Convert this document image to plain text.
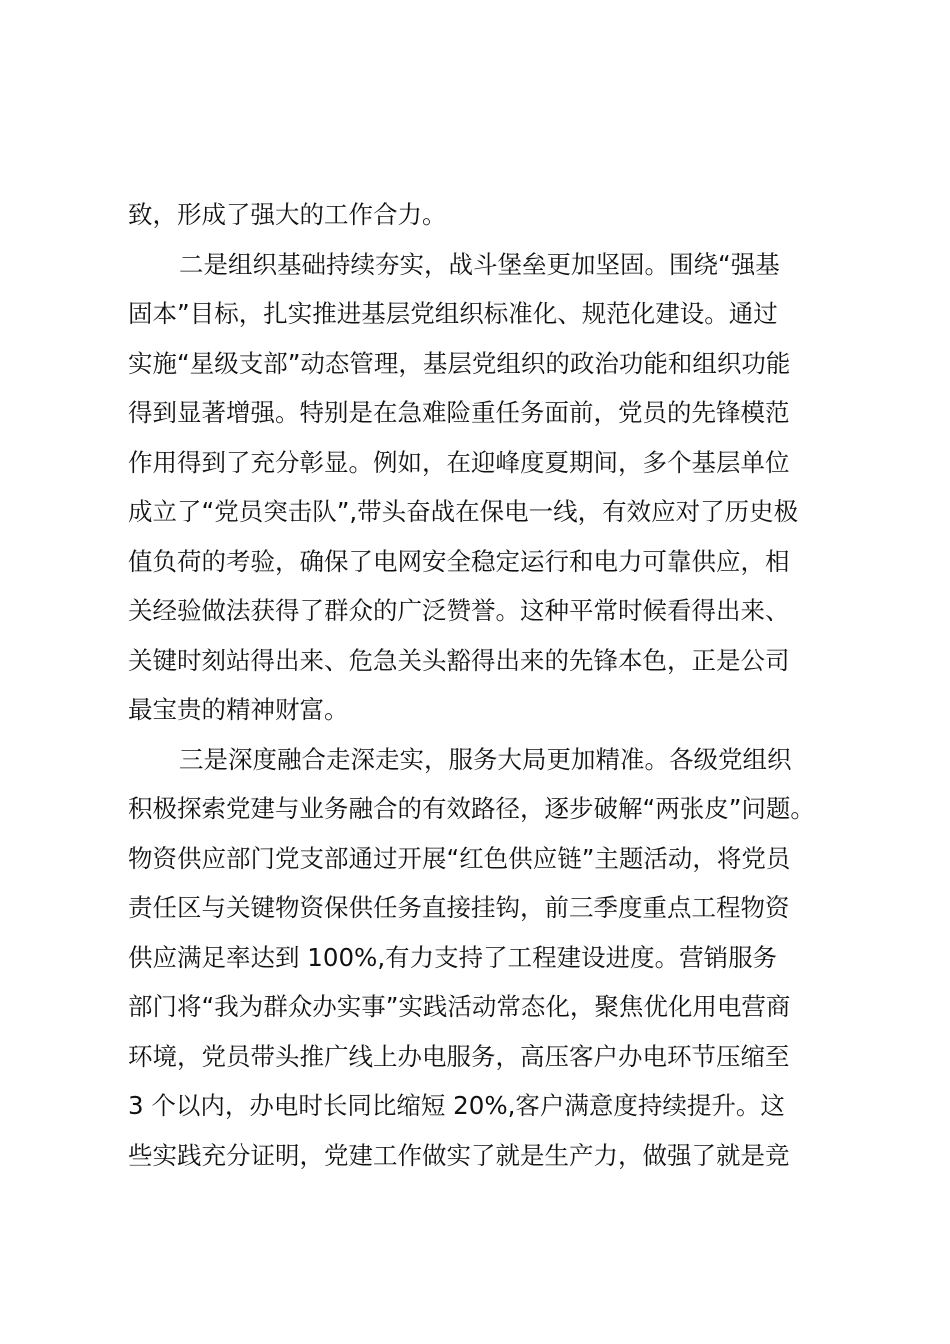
致，形成了强大的工作合力。
二是组织基础持续夯实，战斗堡垒更加坚固。围绕“强基
固本”目标，扎实推进基层党组织标准化、规范化建设。通过
实施“星级支部”动态管理，基层党组织的政治功能和组织功能
得到显著增强。特别是在急难险重任务面前，党员的先锋模范
作用得到了充分彰显。例如，在迎峰度夏期间，多个基层单位
成立了“党员突击队”,带头奋战在保电一线，有效应对了历史极
值负荷的考验，确保了电网安全稳定运行和电力可靠供应，相
关经验做法获得了群众的广泛赞誉。这种平常时候看得出来、
关键时刻站得出来、危急关头豁得出来的先锋本色，正是公司
最宝贵的精神财富。
三是深度融合走深走实，服务大局更加精准。各级党组织
积极探索党建与业务融合的有效路径，逐步破解“两张皮”问题。
物资供应部门党支部通过开展“红色供应链”主题活动，将党员
责任区与关键物资保供任务直接挂钩，前三季度重点工程物资
供应满足率达到 100%,有力支持了工程建设进度。营销服务
部门将“我为群众办实事”实践活动常态化，聚焦优化用电营商
环境，党员带头推广线上办电服务，高压客户办电环节压缩至
3 个以内，办电时长同比缩短 20%,客户满意度持续提升。这
些实践充分证明，党建工作做实了就是生产力，做强了就是竞
